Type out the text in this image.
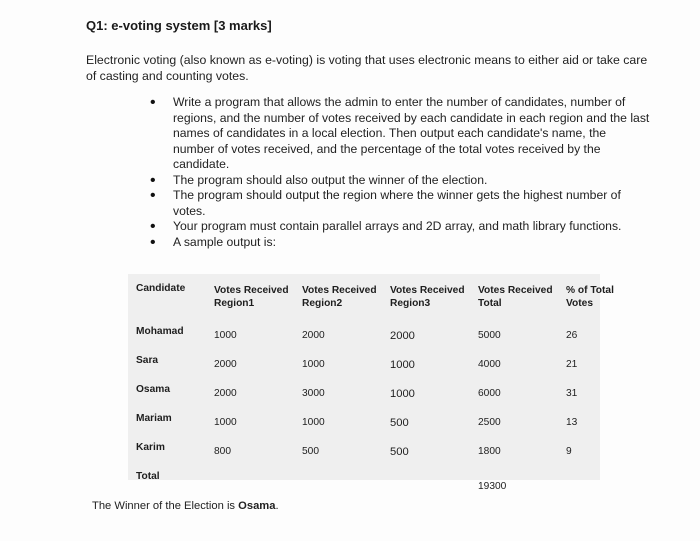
Q1: e-voting system [3 marks]
Electronic voting (also known as e-voting) is voting that uses electronic means to either aid or take care of casting and counting votes.
• Write a program that allows the admin to enter the number of candidates, number of regions, and the number of votes received by each candidate in each region and the last names of candidates in a local election. Then output each candidate's name, the number of votes received, and the percentage of the total votes received by the candidate.
• The program should also output the winner of the election.
• The program should output the region where the winner gets the highest number of votes.
• Your program must contain parallel arrays and 2D array, and math library functions.
• A sample output is:
Candidate	Votes Received Region1	Votes Received Region2	Votes Received Region3	Votes Received Total	% of Total Votes
Mohamad	1000	2000	2000	5000	26
Sara	2000	1000	1000	4000	21
Osama	2000	3000	1000	6000	31
Mariam	1000	1000	500	2500	13
Karim	800	500	500	1800	9
Total				19300	
The Winner of the Election is Osama.
